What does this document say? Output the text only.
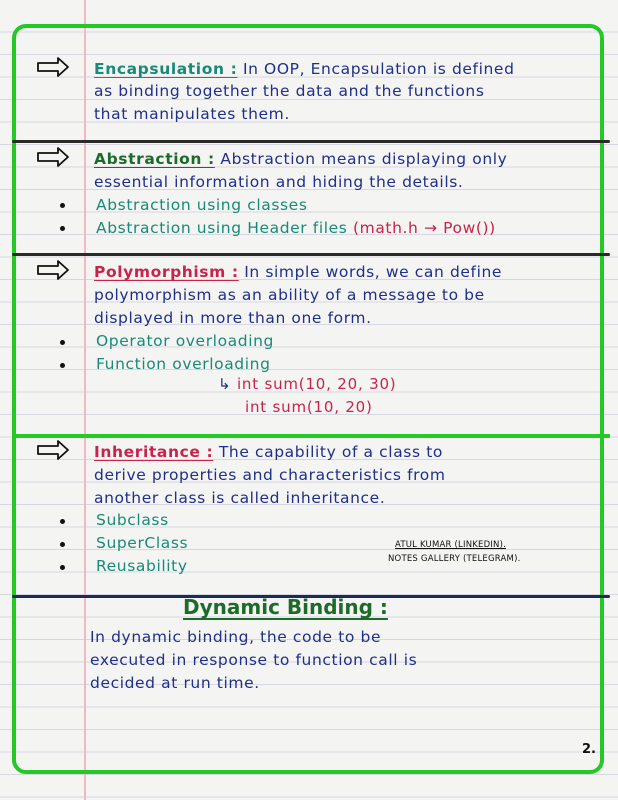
Encapsulation : In OOP, Encapsulation is defined
as binding together the data and the functions
that manipulates them.
Abstraction : Abstraction means displaying only
essential information and hiding the details.
Abstraction using classes
Abstraction using Header files (math.h → Pow())
Polymorphism : In simple words, we can define
polymorphism as an ability of a message to be
displayed in more than one form.
Operator overloading
Function overloading
↳ int sum(10, 20, 30)
int sum(10, 20)
Inheritance : The capability of a class to
derive properties and characteristics from
another class is called inheritance.
Subclass
SuperClass
Reusability
ATUL KUMAR (LINKEDIN).
NOTES GALLERY (TELEGRAM).
Dynamic Binding :
In dynamic binding, the code to be
executed in response to function call is
decided at run time.
2.
